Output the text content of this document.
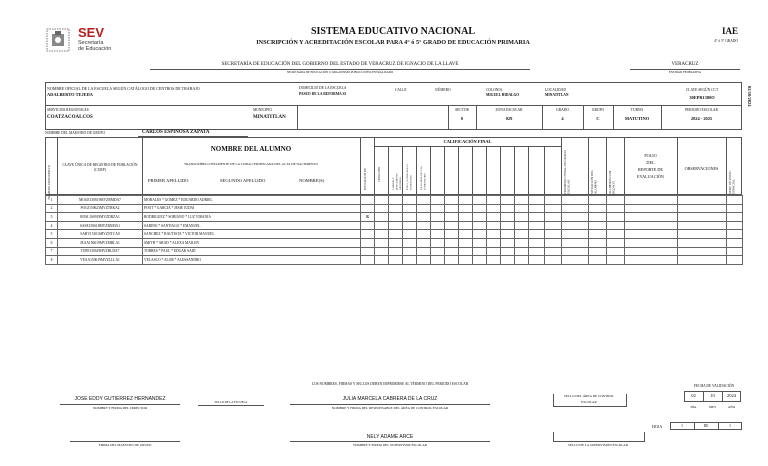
SEV
Secretaría
de Educación
SISTEMA EDUCATIVO NACIONAL
INSCRIPCIÓN Y ACREDITACIÓN ESCOLAR PARA 4° ó 5° GRADO DE EDUCACIÓN PRIMARIA
IAE
4° ó 5° GRADO
SECRETARÍA DE EDUCACIÓN DEL GOBIERNO DEL ESTADO DE VERACRUZ DE IGNACIO DE LA LLAVE
SECRETARÍA DE EDUCACIÓN U ORGANISMO PÚBLICO DESCENTRALIZADO
VERACRUZ
ENTIDAD FEDERATIVA
02/10/2024
NOMBRE OFICIAL DE LA ESCUELA SEGÚN CATÁLOGO DE CENTROS DE TRABAJO
ADALBERTO TEJEDA
DOMICILIO DE LA ESCUELA
PASEO DE LA REFORMA SI
CALLE	NÚMERO	COLONIA
MIGUEL HIDALGO
LOCALIDAD
MINATITLAN
CLAVE SEGÚN CCT
30EPR1380O
SERVICIOS REGIONALES
COATZACOALCOS
MUNICIPIO
MINATITLAN
SECTOR
0
ZONA ESCOLAR
029
GRADO
4
GRUPO
C
TURNO
MATUTINO
PERIODO ESCOLAR
2024 - 2025
NOMBRE DEL MAESTRO DE GRUPO	CARLOS ESPINOSA ZAPATA
NÚMERO PROGRESIVO	CLAVE ÚNICA DE REGISTRO DE POBLACIÓN (CURP)
NOMBRE DEL ALUMNO
TRANSCRÍBELO FIELMENTE DE LA COPIA CERTIFICADA DEL ACTA DE NACIMIENTO
PRIMER APELLIDO	SEGUNDO APELLIDO	NOMBRE(S)	SITUACIÓN DE
CALIFICACIÓN FINAL
LENGUAJES
SABERES Y PENSAMIENTO CIENTÍFICO ÉTICA, NATURALEZA Y SOCIEDADES	DE LO HUMANO Y LO COMUNITARIO	PROMEDIO FINAL DE GRADO ESCOLAR	SITUACIÓN DEL ALUMNO	ALUMNOS CON REZAGO
FOLIO
DEL
REPORTE DE
EVALUACIÓN
OBSERVACIONES
SERV. DE EDUC. ESPECIAL
1	MOGE150619MVZRMDA7	MORALES * GOMEZ * EDUARDO ADRIEL																				
2	POGJ150623MVZTRKA2	POOT * GARCIA * JESIE JUDAI																				
3	ROSL160919MVZDRZA1	RODRIGUEZ * SORIANO * LUZ VIRANIA	R																			
4	SASE150618MVZBNMA1	SABINO * SANTIAGO * EMANUEL																				
5	SABV151016HVZNTCA0	SANCHEZ * BAUTISTA * VICTOR MANUEL																				
6	JEAA150619MVZMBLA1	SMITH * ABAD * ALEXA MAILEN																				
7	TOPE150618HVZRLDA7	TORRES * PAUL * EDGAR SAID																				
8	VEAA150619MVZLLLA1	VELASCO * ALOR * ALESSANDRO																				
LOS NOMBRES, FIRMAS Y SELLOS DEBEN IMPRIMIRSE AL TÉRMINO DEL PERIODO ESCOLAR
JOSE EDDY GUTIERREZ HERNANDEZ
NOMBRE Y FIRMA DEL DIRECTOR
SELLO DE LA ESCUELA	JULIA MARCELA CABRERA DE LA CRUZ
NOMBRE Y FIRMA DEL RESPONSABLE DEL ÁREA DE CONTROL ESCOLAR
SELLO DEL ÁREA DE CONTROL ESCOLAR
FECHA DE VALIDACIÓN
02	10	2024
DÍA	MES	AÑO
HOJA	1	DE	1
FIRMA DEL MAESTRO DE GRUPO
NELY ADAME ARCE
NOMBRE Y FIRMA DEL SUPERVISOR ESCOLAR	SELLO DE LA SUPERVISIÓN ESCOLAR
